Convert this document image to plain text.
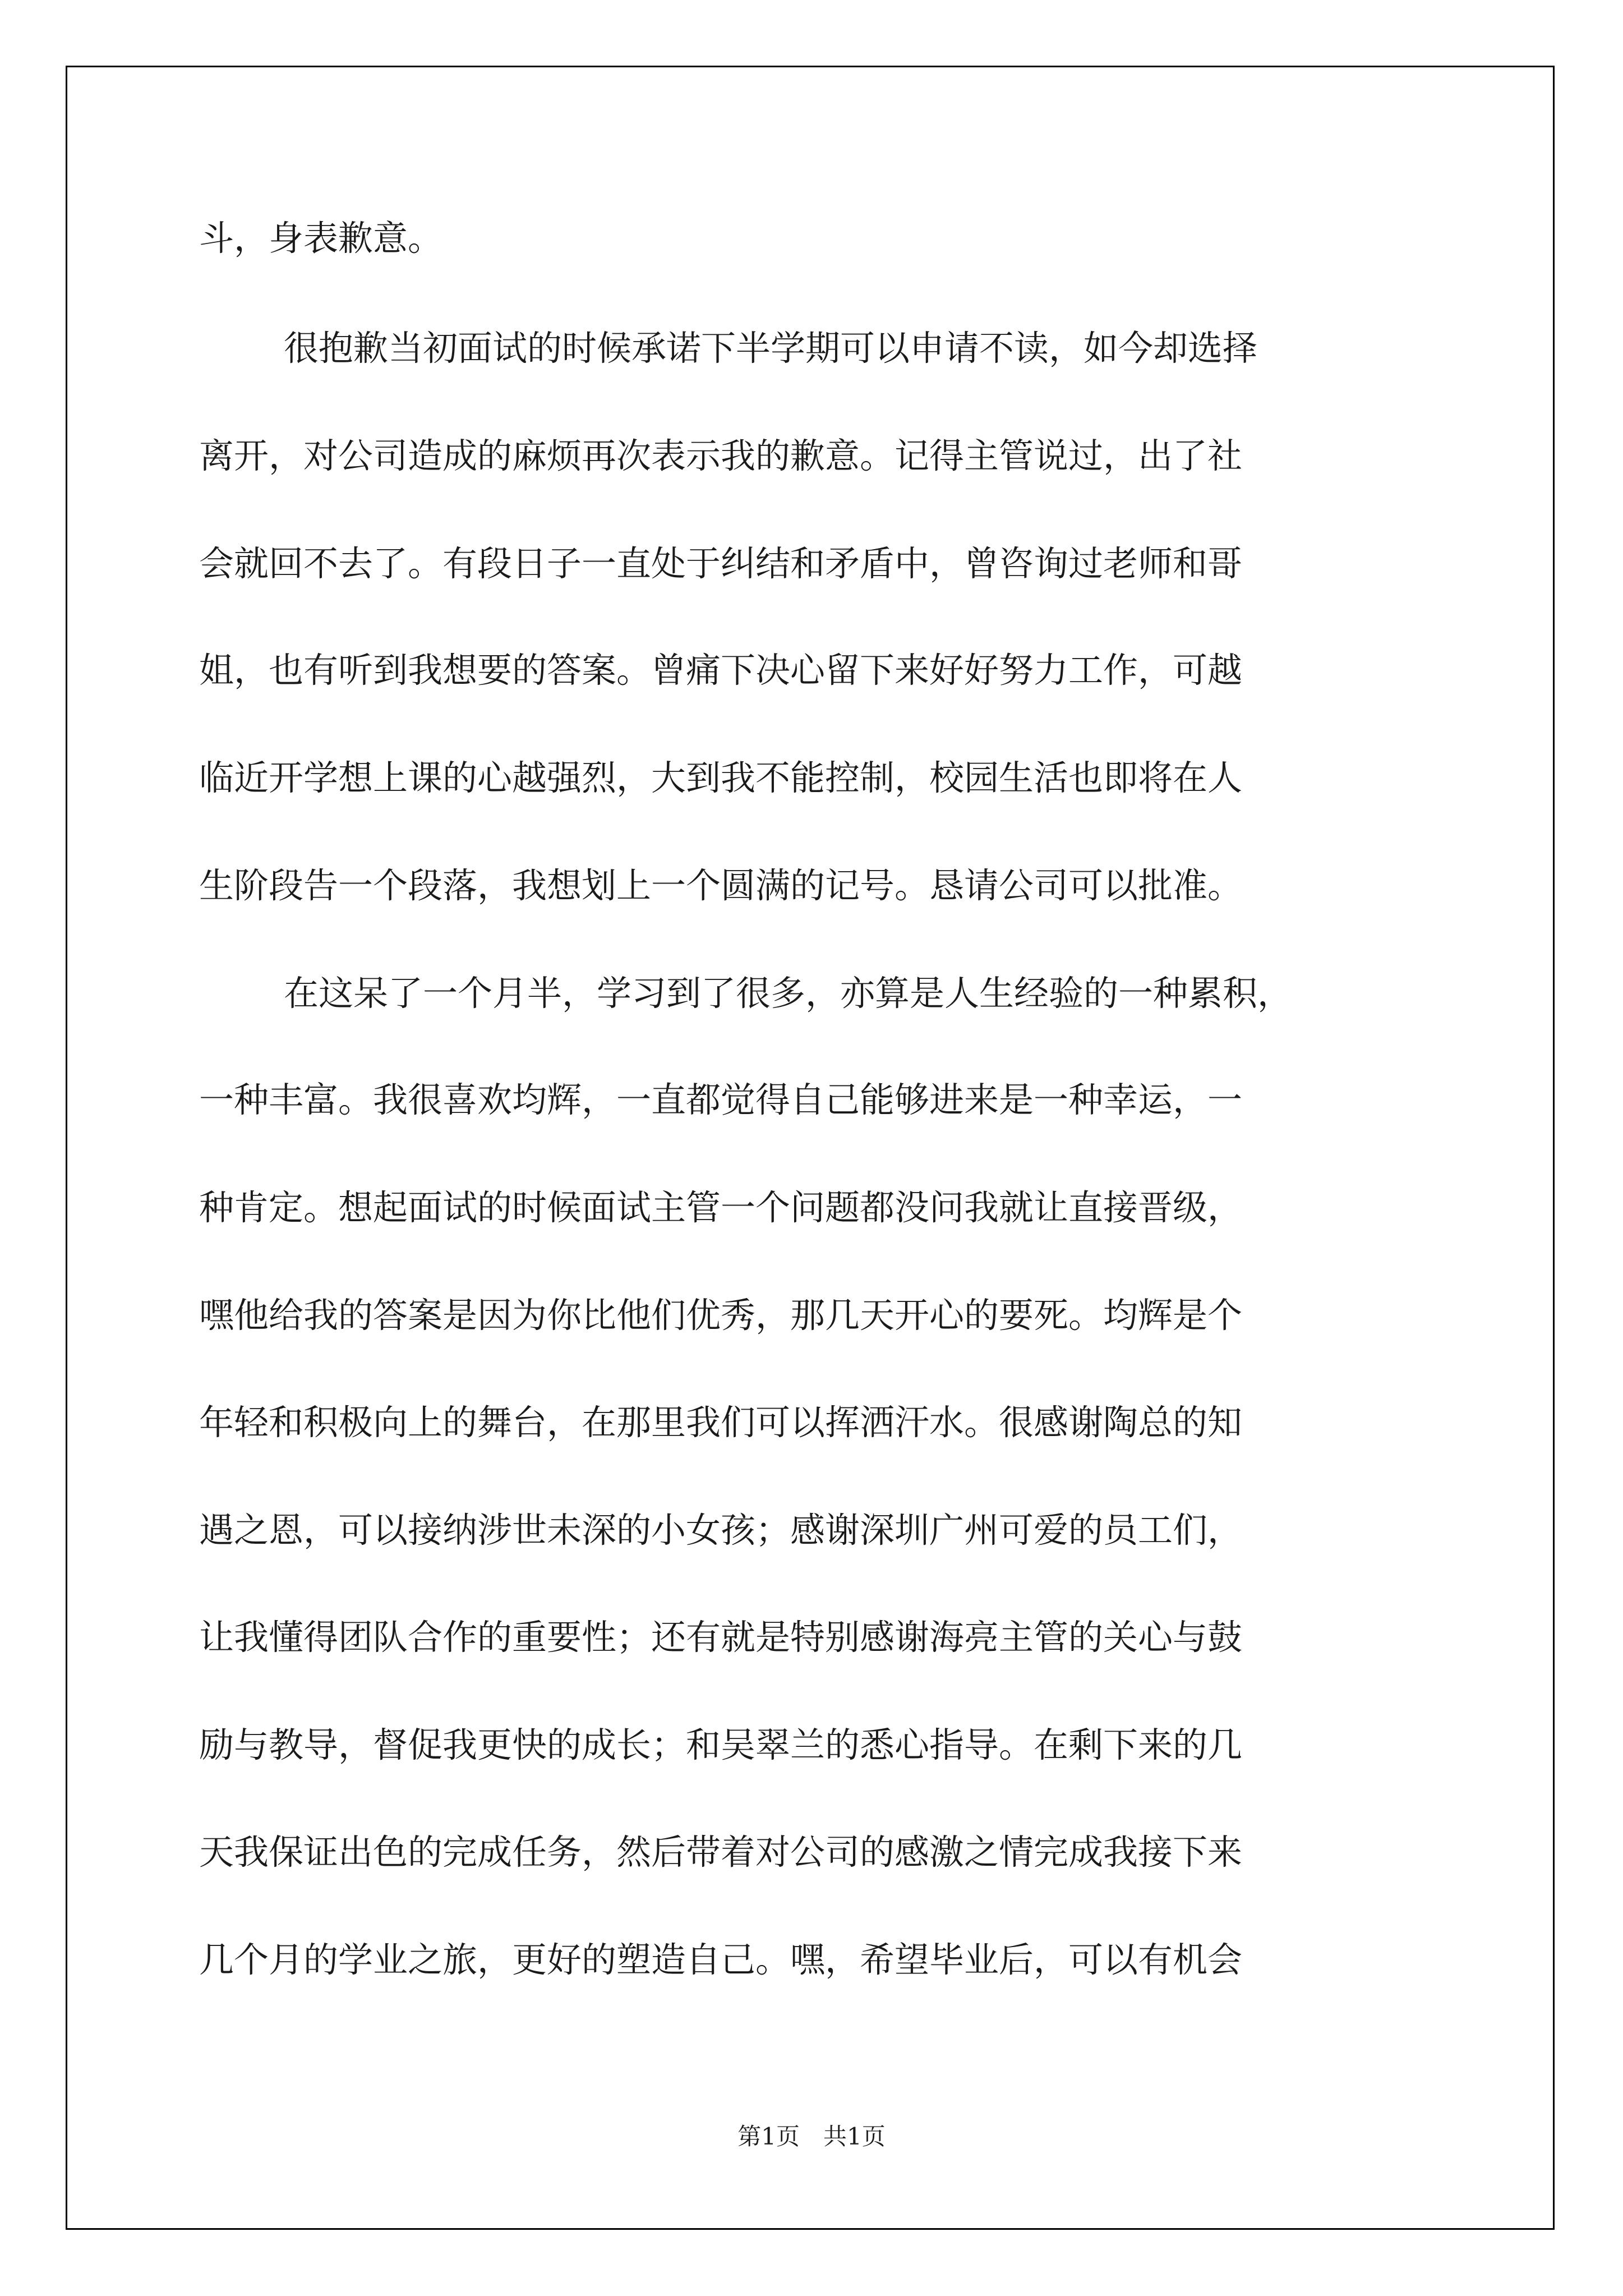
斗，身表歉意。
很抱歉当初面试的时候承诺下半学期可以申请不读，如今却选择
离开，对公司造成的麻烦再次表示我的歉意。记得主管说过，出了社
会就回不去了。有段日子一直处于纠结和矛盾中，曾咨询过老师和哥
姐，也有听到我想要的答案。曾痛下决心留下来好好努力工作，可越
临近开学想上课的心越强烈，大到我不能控制，校园生活也即将在人
生阶段告一个段落，我想划上一个圆满的记号。恳请公司可以批准。
在这呆了一个月半，学习到了很多，亦算是人生经验的一种累积，
一种丰富。我很喜欢均辉，一直都觉得自己能够进来是一种幸运，一
种肯定。想起面试的时候面试主管一个问题都没问我就让直接晋级，
嘿他给我的答案是因为你比他们优秀，那几天开心的要死。均辉是个
年轻和积极向上的舞台，在那里我们可以挥洒汗水。很感谢陶总的知
遇之恩，可以接纳涉世未深的小女孩；感谢深圳广州可爱的员工们，
让我懂得团队合作的重要性；还有就是特别感谢海亮主管的关心与鼓
励与教导，督促我更快的成长；和吴翠兰的悉心指导。在剩下来的几
天我保证出色的完成任务，然后带着对公司的感激之情完成我接下来
几个月的学业之旅，更好的塑造自己。嘿，希望毕业后，可以有机会
第1页　共1页
